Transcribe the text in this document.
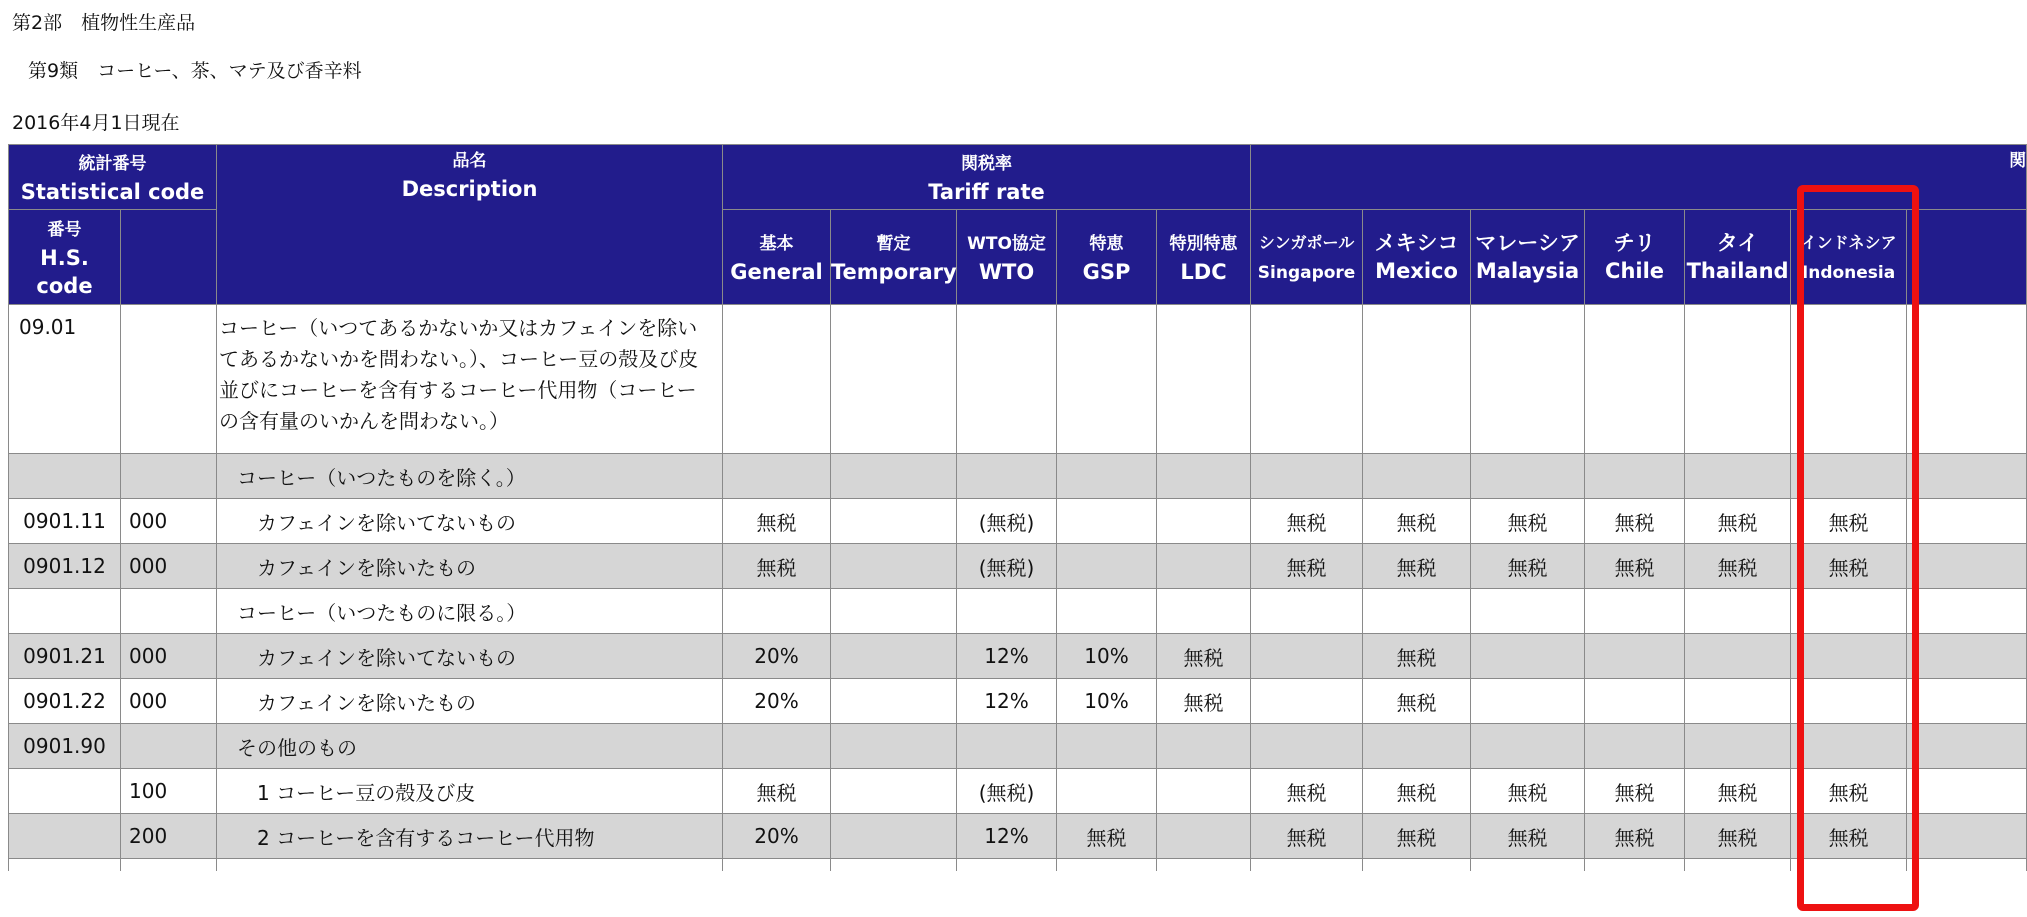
第2部　植物性生産品
第9類　コーヒー、茶、マテ及び香辛料
2016年4月1日現在
統計番号
Statistical code		品名
Description	関税率
Tariff rate					関						
番号
H.S. code			基本
General	暫定
Temporary	WTO協定
WTO	特恵
GSP	特別特恵
LDC	シンガポール
Singapore	メキシコ
Mexico	マレーシア
Malaysia	チリ
Chile	タイ
Thailand	インドネシア
Indonesia	
09.01		コーヒー（いつてあるかないか又はカフェインを除いてあるかないかを問わない。）、コーヒー豆の殻及び皮並びにコーヒーを含有するコーヒー代用物（コーヒーの含有量のいかんを問わない。）												
		コーヒー（いつたものを除く。）												
0901.11	000	カフェインを除いてないもの	無税		(無税)			無税	無税	無税	無税	無税	無税	
0901.12	000	カフェインを除いたもの	無税		(無税)			無税	無税	無税	無税	無税	無税	
		コーヒー（いつたものに限る。）												
0901.21	000	カフェインを除いてないもの	20%		12%	10%	無税		無税					
0901.22	000	カフェインを除いたもの	20%		12%	10%	無税		無税					
0901.90		その他のもの												
	100	1 コーヒー豆の殻及び皮	無税		(無税)			無税	無税	無税	無税	無税	無税	
	200	2 コーヒーを含有するコーヒー代用物	20%		12%	無税		無税	無税	無税	無税	無税	無税	
